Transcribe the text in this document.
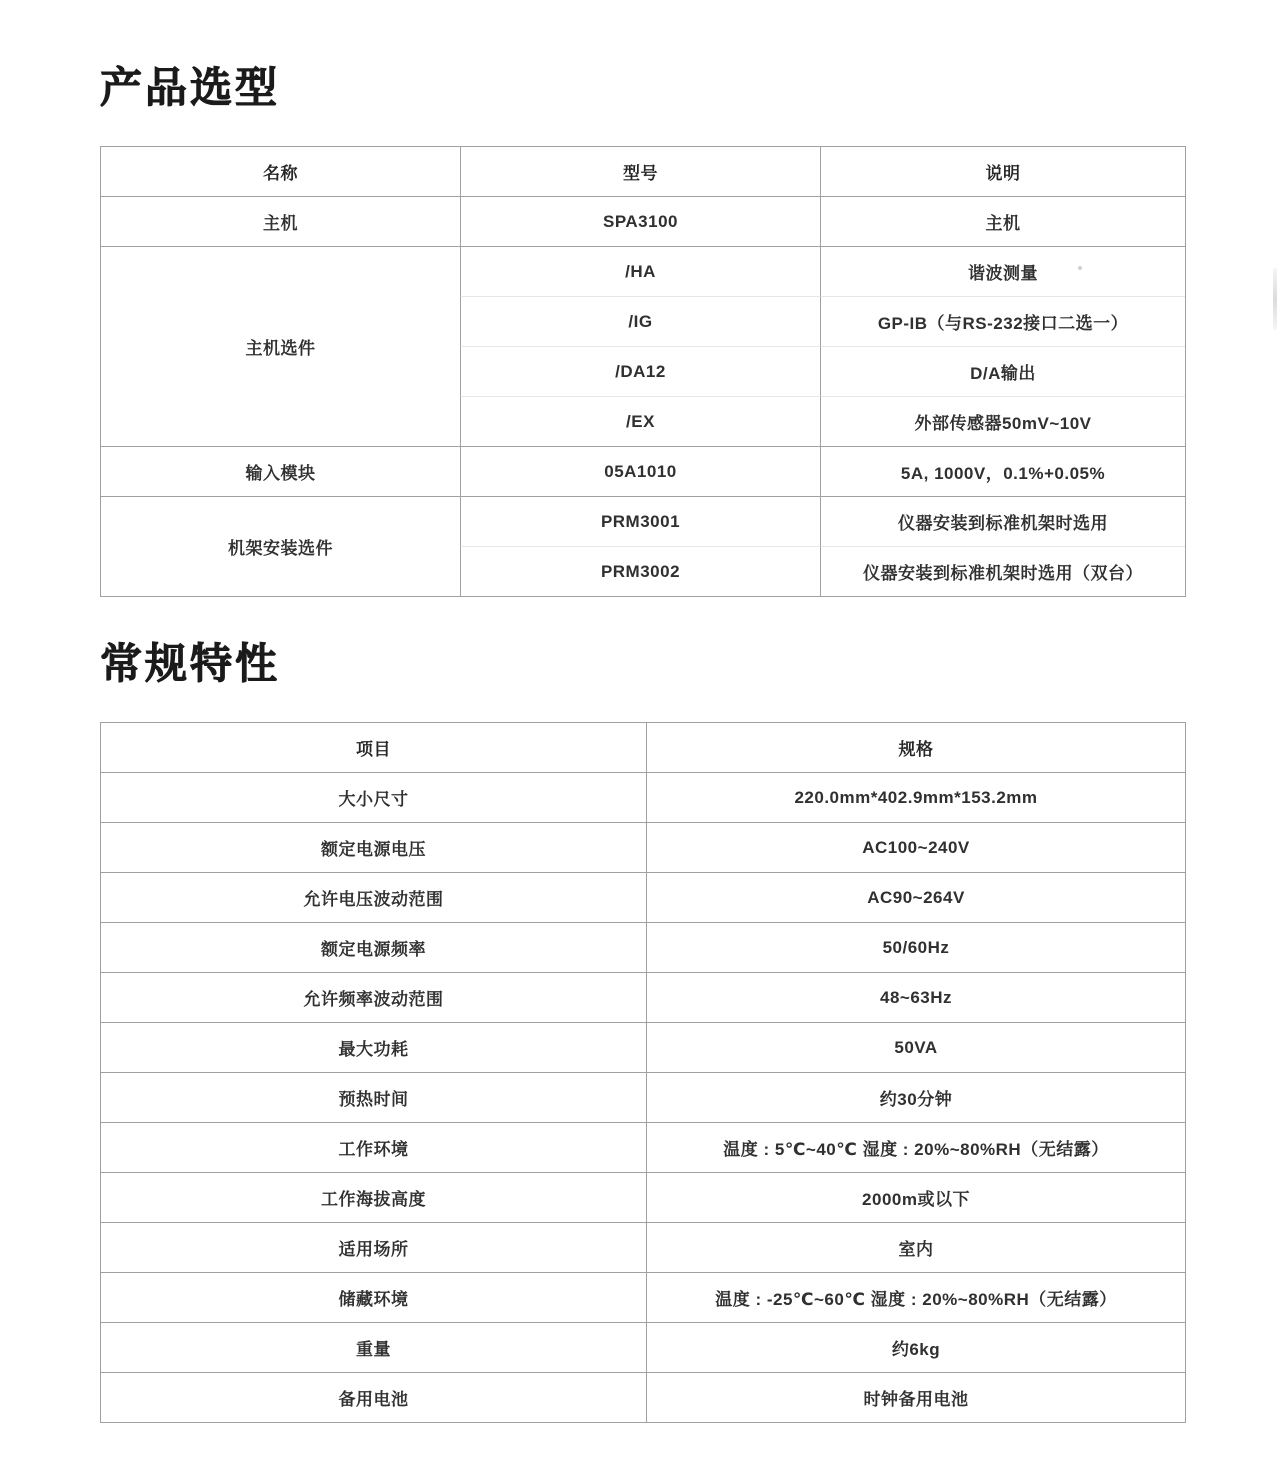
产品选型
名称	型号	说明
主机	SPA3100	主机
主机选件	/HA	谐波测量
	/IG	GP-IB（与RS-232接口二选一）
	/DA12	D/A输出
	/EX	外部传感器50mV~10V
输入模块	05A1010	5A, 1000V，0.1%+0.05%
机架安装选件	PRM3001	仪器安装到标准机架时选用
	PRM3002	仪器安装到标准机架时选用（双台）
常规特性
项目	规格
大小尺寸	220.0mm*402.9mm*153.2mm
额定电源电压	AC100~240V
允许电压波动范围	AC90~264V
额定电源频率	50/60Hz
允许频率波动范围	48~63Hz
最大功耗	50VA
预热时间	约30分钟
工作环境	温度 : 5℃~40℃ 湿度 : 20%~80%RH（无结露）
工作海拔高度	2000m或以下
适用场所	室内
储藏环境	温度 : -25℃~60℃ 湿度 : 20%~80%RH（无结露）
重量	约6kg
备用电池	时钟备用电池
